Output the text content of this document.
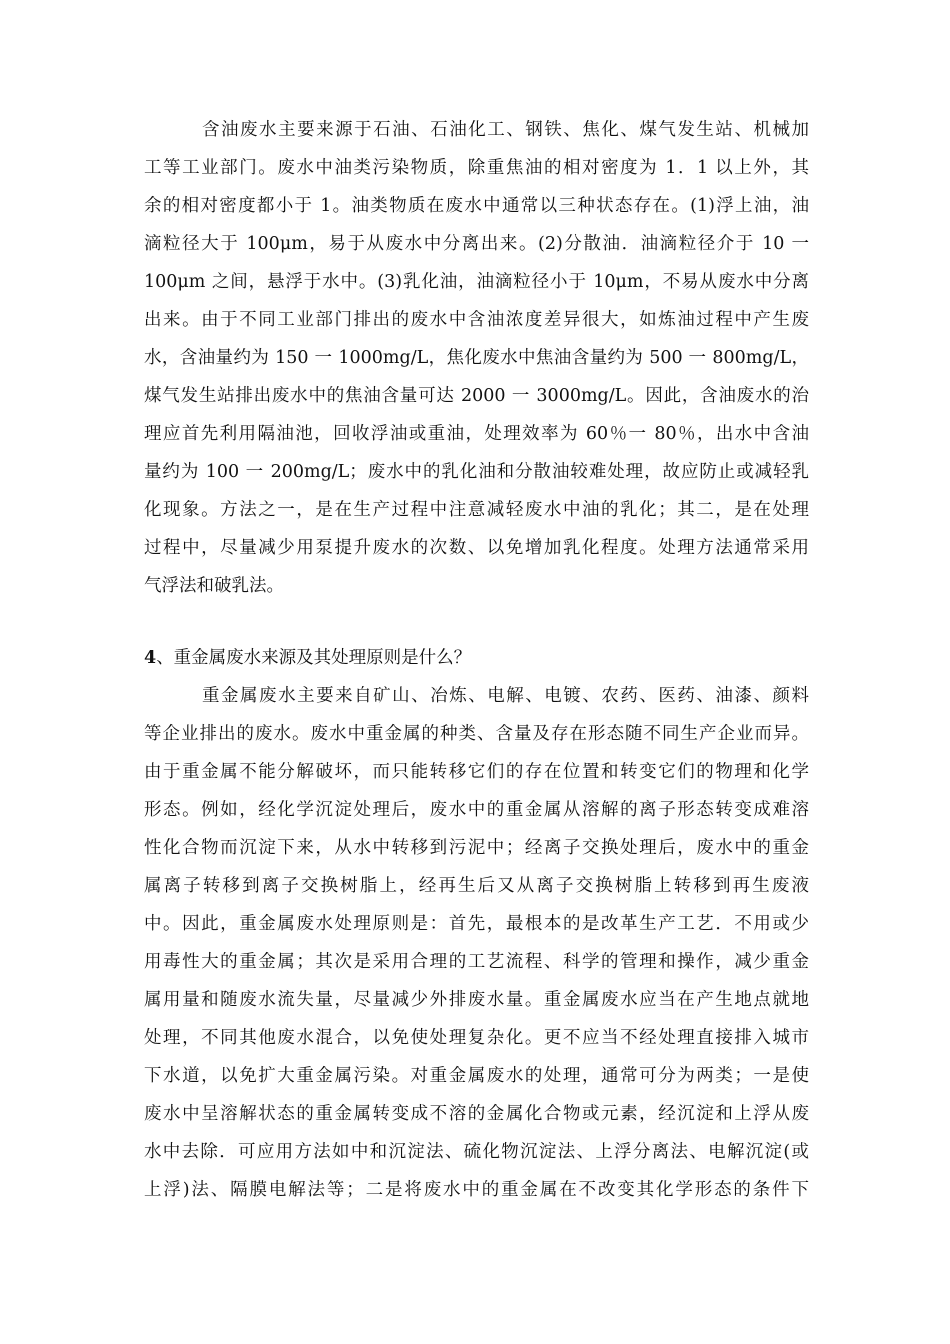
含油废水主要来源于石油、石油化工、钢铁、焦化、煤气发生站、机械加
工等工业部门。废水中油类污染物质，除重焦油的相对密度为 1．1 以上外，其
余的相对密度都小于 1。油类物质在废水中通常以三种状态存在。(1)浮上油，油
滴粒径大于 100μm，易于从废水中分离出来。(2)分散油．油滴粒径介于 10 一
100μm 之间，悬浮于水中。(3)乳化油，油滴粒径小于 10μm，不易从废水中分离
出来。由于不同工业部门排出的废水中含油浓度差异很大，如炼油过程中产生废
水，含油量约为 150 一 1000mg/L，焦化废水中焦油含量约为 500 一 800mg/L，
煤气发生站排出废水中的焦油含量可达 2000 一 3000mg/L。因此，含油废水的治
理应首先利用隔油池，回收浮油或重油，处理效率为 60％一 80％，出水中含油
量约为 100 一 200mg/L；废水中的乳化油和分散油较难处理，故应防止或减轻乳
化现象。方法之一，是在生产过程中注意减轻废水中油的乳化；其二，是在处理
过程中，尽量减少用泵提升废水的次数、以免增加乳化程度。处理方法通常采用
气浮法和破乳法。
4、重金属废水来源及其处理原则是什么？
重金属废水主要来自矿山、冶炼、电解、电镀、农药、医药、油漆、颜料
等企业排出的废水。废水中重金属的种类、含量及存在形态随不同生产企业而异。
由于重金属不能分解破坏，而只能转移它们的存在位置和转变它们的物理和化学
形态。例如，经化学沉淀处理后，废水中的重金属从溶解的离子形态转变成难溶
性化合物而沉淀下来，从水中转移到污泥中；经离子交换处理后，废水中的重金
属离子转移到离子交换树脂上，经再生后又从离子交换树脂上转移到再生废液
中。因此，重金属废水处理原则是：首先，最根本的是改革生产工艺．不用或少
用毒性大的重金属；其次是采用合理的工艺流程、科学的管理和操作，减少重金
属用量和随废水流失量，尽量减少外排废水量。重金属废水应当在产生地点就地
处理，不同其他废水混合，以免使处理复杂化。更不应当不经处理直接排入城市
下水道，以免扩大重金属污染。对重金属废水的处理，通常可分为两类；一是使
废水中呈溶解状态的重金属转变成不溶的金属化合物或元素，经沉淀和上浮从废
水中去除．可应用方法如中和沉淀法、硫化物沉淀法、上浮分离法、电解沉淀(或
上浮)法、隔膜电解法等；二是将废水中的重金属在不改变其化学形态的条件下
